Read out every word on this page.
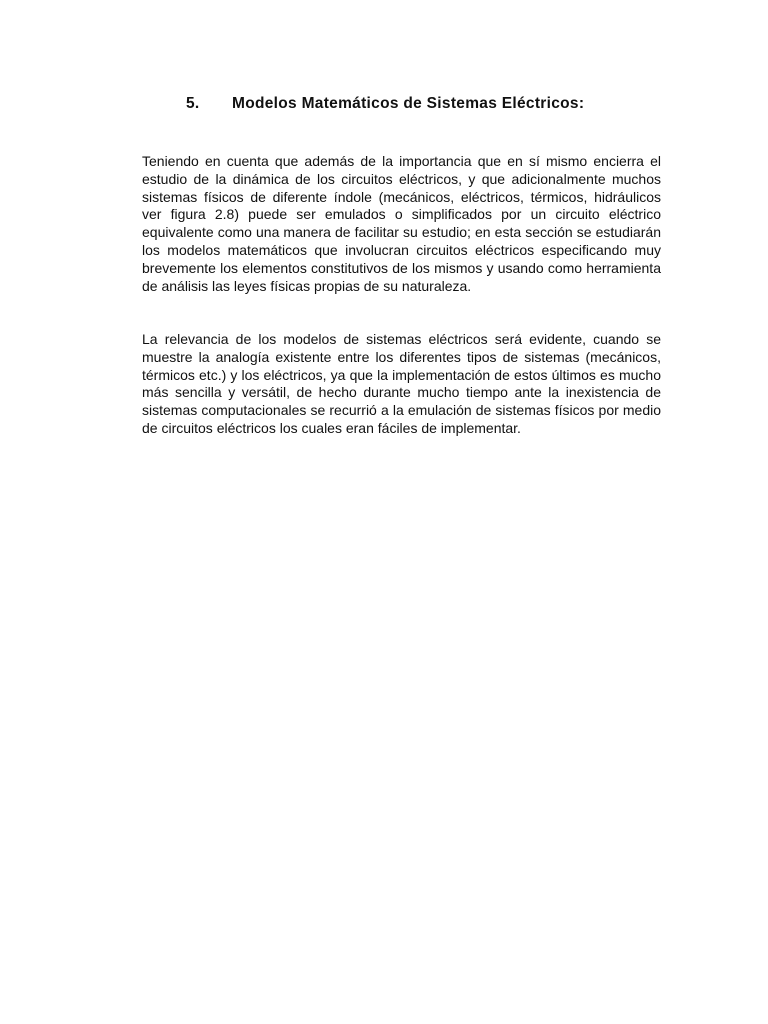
5. Modelos Matemáticos de Sistemas Eléctricos:

Teniendo en cuenta que además de la importancia que en sí mismo encierra el estudio de la dinámica de los circuitos eléctricos, y que adicionalmente muchos sistemas físicos de diferente índole (mecánicos, eléctricos, térmicos, hidráulicos ver figura 2.8) puede ser emulados o simplificados por un circuito eléctrico equivalente como una manera de facilitar su estudio; en esta sección se estudiarán los modelos matemáticos que involucran circuitos eléctricos especificando muy brevemente los elementos constitutivos de los mismos y usando como herramienta de análisis las leyes físicas propias de su naturaleza.

La relevancia de los modelos de sistemas eléctricos será evidente, cuando se muestre la analogía existente entre los diferentes tipos de sistemas (mecánicos, térmicos etc.) y los eléctricos, ya que la implementación de estos últimos es mucho más sencilla y versátil, de hecho durante mucho tiempo ante la inexistencia de sistemas computacionales se recurrió a la emulación de sistemas físicos por medio de circuitos eléctricos los cuales eran fáciles de implementar.
